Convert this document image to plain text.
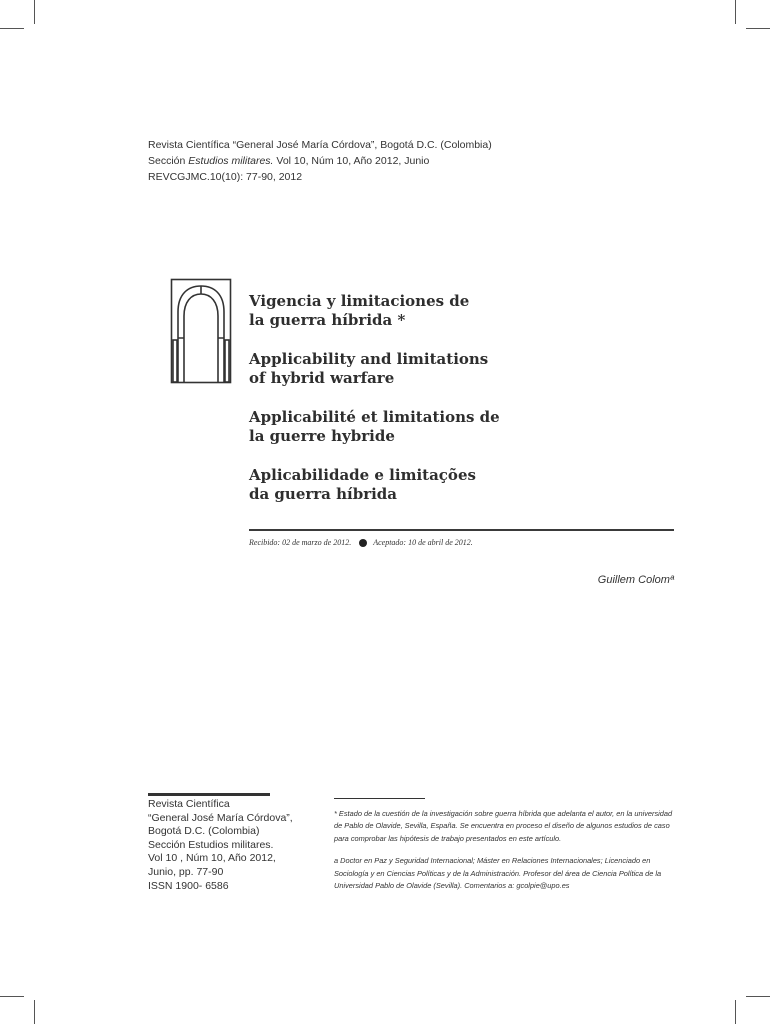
Revista Científica “General José María Córdova”, Bogotá D.C. (Colombia)
Sección Estudios militares. Vol 10, Núm 10, Año 2012, Junio
REVCGJMC.10(10): 77-90, 2012
Vigencia y limitaciones de
la guerra híbrida *
Applicability and limitations
of hybrid warfare
Applicabilité et limitations de
la guerre hybride
Aplicabilidade e limitações
da guerra híbrida
Recibido: 02 de marzo de 2012.	Aceptado: 10 de abril de 2012.
Guillem Colomª
Revista Científica
“General José María Córdova”,
Bogotá D.C. (Colombia)
Sección Estudios militares.
Vol 10 , Núm 10, Año 2012,
Junio, pp. 77-90
ISSN 1900- 6586

* Estado de la cuestión de la investigación sobre guerra híbrida que adelanta el autor, en la universidad de Pablo de Olavide, Sevilla, España. Se encuentra en proceso el diseño de algunos estudios de caso para comprobar las hipótesis de trabajo presentados en este artículo.

a Doctor en Paz y Seguridad Internacional; Máster en Relaciones Internacionales; Licenciado en Sociología y en Ciencias Políticas y de la Administración. Profesor del área de Ciencia Política de la Universidad Pablo de Olavide (Sevilla). Comentarios a: gcolpie@upo.es
